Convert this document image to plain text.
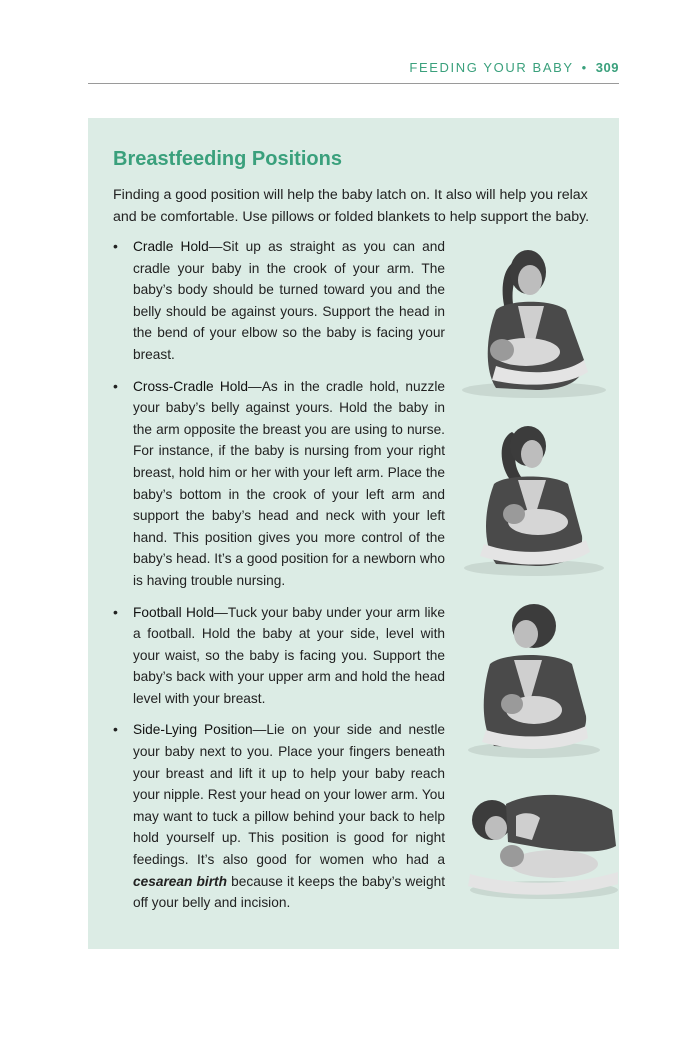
FEEDING YOUR BABY • 309
Breastfeeding Positions

Finding a good position will help the baby latch on. It also will help you relax and be comfortable. Use pillows or folded blankets to help support the baby.

• Cradle Hold—Sit up as straight as you can and cradle your baby in the crook of your arm. The baby’s body should be turned toward you and the belly should be against yours. Support the head in the bend of your elbow so the baby is facing your breast.
• Cross-Cradle Hold—As in the cradle hold, nuzzle your baby’s belly against yours. Hold the baby in the arm opposite the breast you are using to nurse. For instance, if the baby is nursing from your right breast, hold him or her with your left arm. Place the baby’s bottom in the crook of your left arm and support the baby’s head and neck with your left hand. This position gives you more control of the baby’s head. It’s a good position for a newborn who is having trouble nursing.
• Football Hold—Tuck your baby under your arm like a football. Hold the baby at your side, level with your waist, so the baby is facing you. Support the baby’s back with your upper arm and hold the head level with your breast.
• Side-Lying Position—Lie on your side and nestle your baby next to you. Place your fingers beneath your breast and lift it up to help your baby reach your nipple. Rest your head on your lower arm. You may want to tuck a pillow behind your back to help hold yourself up. This position is good for night feedings. It’s also good for women who had a cesarean birth because it keeps the baby’s weight off your belly and incision.
